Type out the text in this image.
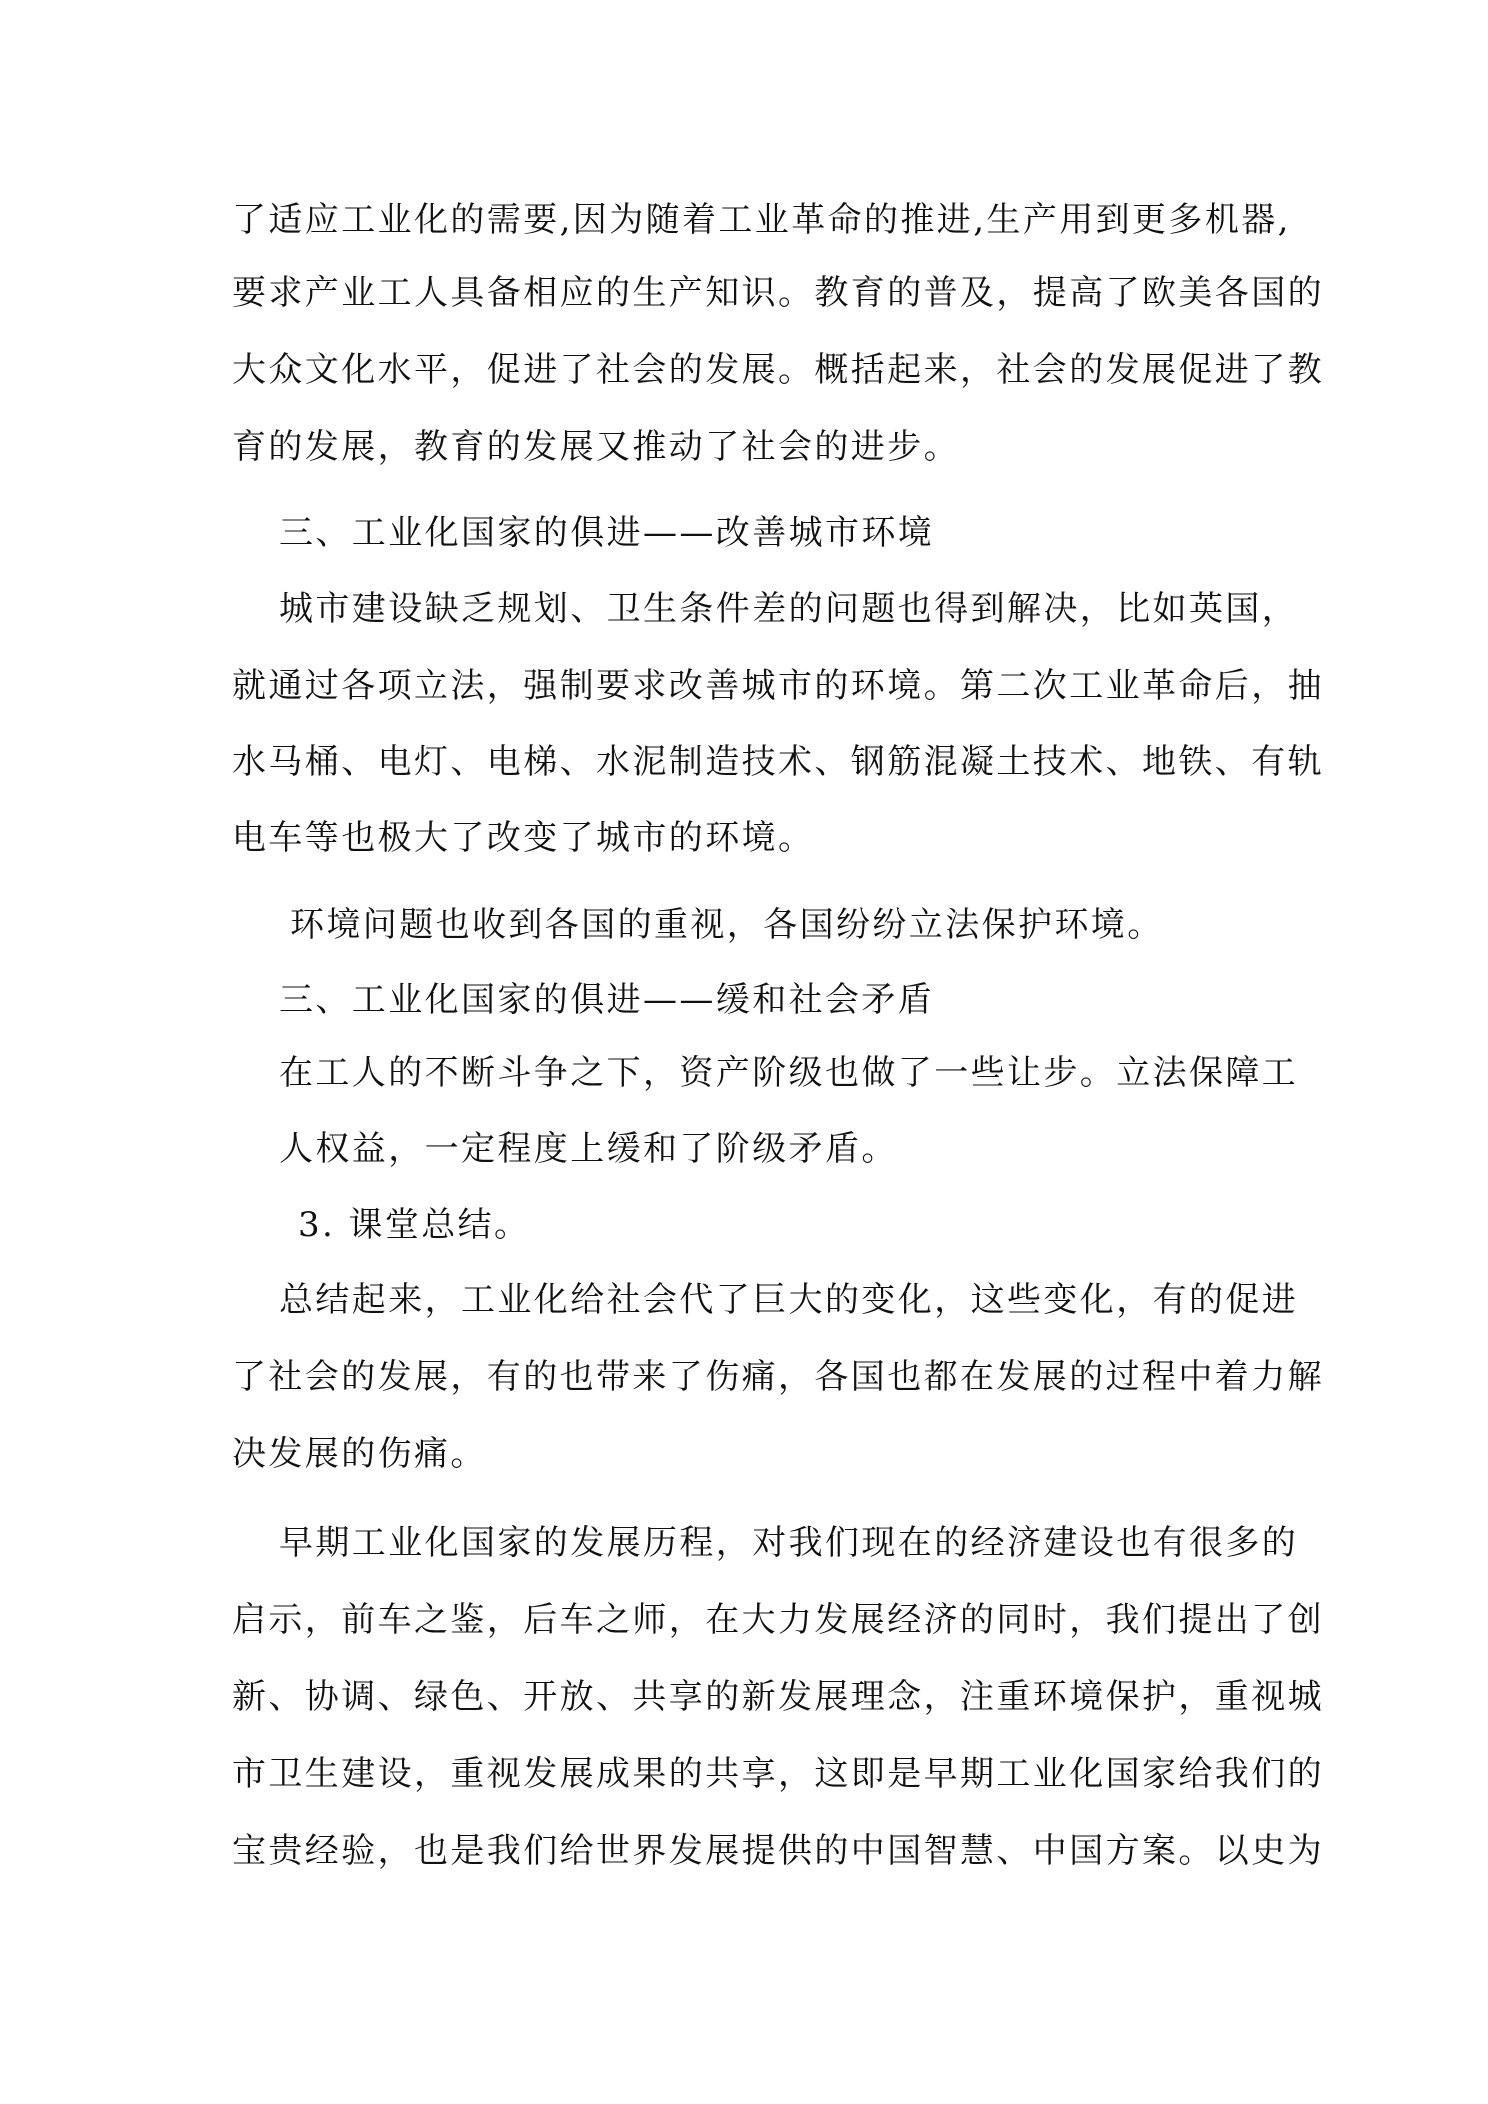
了适应工业化的需要,因为随着工业革命的推进,生产用到更多机器,
要求产业工人具备相应的生产知识。教育的普及，提高了欧美各国的
大众文化水平，促进了社会的发展。概括起来，社会的发展促进了教
育的发展，教育的发展又推动了社会的进步。
三、工业化国家的俱进——改善城市环境
城市建设缺乏规划、卫生条件差的问题也得到解决，比如英国，
就通过各项立法，强制要求改善城市的环境。第二次工业革命后，抽
水马桶、电灯、电梯、水泥制造技术、钢筋混凝土技术、地铁、有轨
电车等也极大了改变了城市的环境。
环境问题也收到各国的重视，各国纷纷立法保护环境。
三、工业化国家的俱进——缓和社会矛盾
在工人的不断斗争之下，资产阶级也做了一些让步。立法保障工
人权益，一定程度上缓和了阶级矛盾。
3. 课堂总结。
总结起来，工业化给社会代了巨大的变化，这些变化，有的促进
了社会的发展，有的也带来了伤痛，各国也都在发展的过程中着力解
决发展的伤痛。
早期工业化国家的发展历程，对我们现在的经济建设也有很多的
启示，前车之鉴，后车之师，在大力发展经济的同时，我们提出了创
新、协调、绿色、开放、共享的新发展理念，注重环境保护，重视城
市卫生建设，重视发展成果的共享，这即是早期工业化国家给我们的
宝贵经验，也是我们给世界发展提供的中国智慧、中国方案。以史为
